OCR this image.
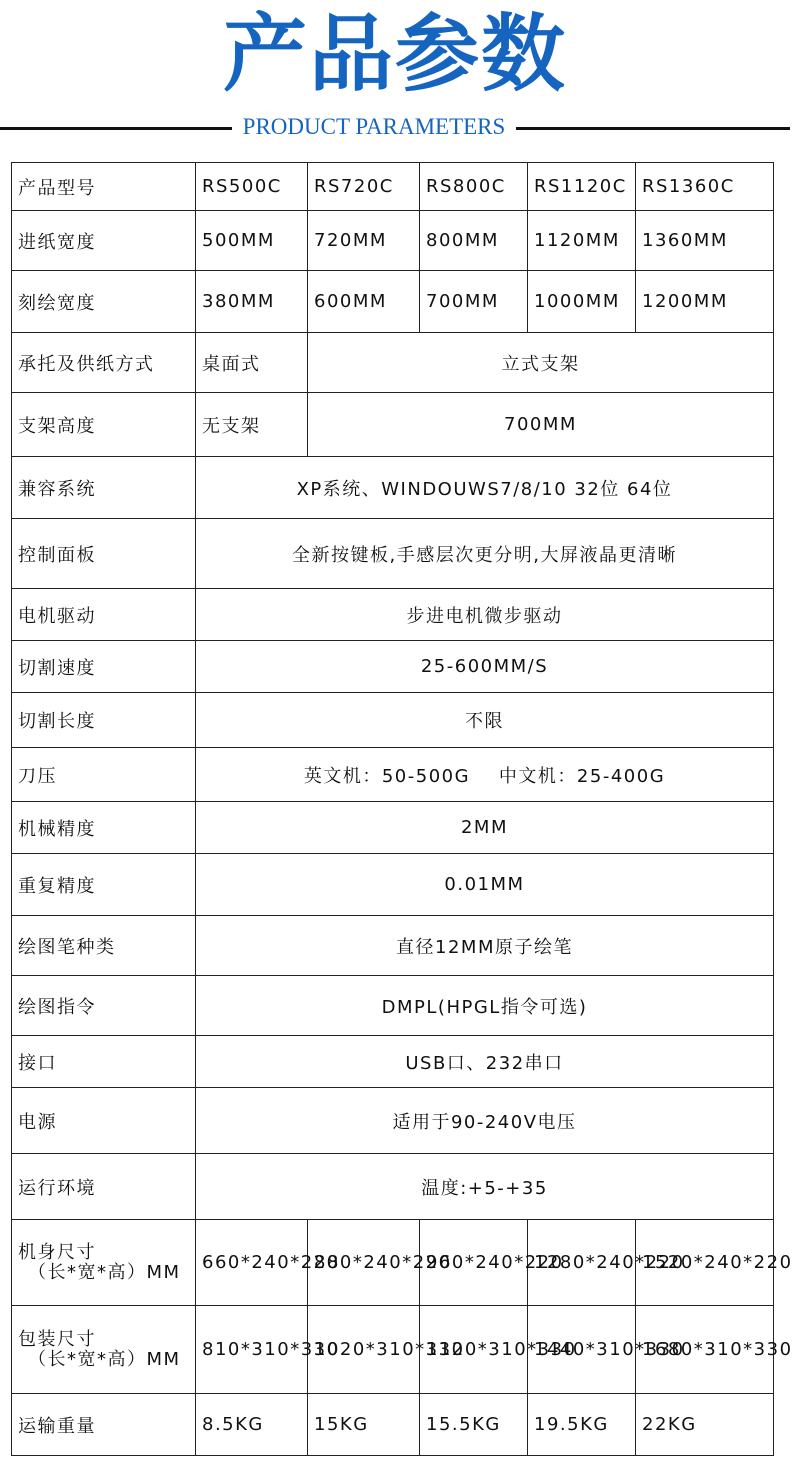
产品参数
PRODUCT PARAMETERS
产品型号	RS500C	RS720C	RS800C	RS1120C	RS1360C
进纸宽度	500MM	720MM	800MM	1120MM	1360MM
刻绘宽度	380MM	600MM	700MM	1000MM	1200MM
承托及供纸方式	桌面式	立式支架			
支架高度	无支架	700MM			
兼容系统	XP系统、WINDOUWS7/8/10 32位 64位				
控制面板	全新按键板,手感层次更分明,大屏液晶更清晰				
电机驱动	步进电机微步驱动				
切割速度	25-600MM/S				
切割长度	不限				
刀压	英文机：50-500G    中文机：25-400G				
机械精度	2MM				
重复精度	0.01MM				
绘图笔种类	直径12MM原子绘笔				
绘图指令	DMPL(HPGL指令可选)				
接口	USB口、232串口				
电源	适用于90-240V电压				
运行环境	温度:+5-+35				
机身尺寸
（长*宽*高）MM	660*240*220	880*240*220	960*240*220	1280*240*220	1520*240*220
包装尺寸
（长*宽*高）MM	810*310*330	1020*310*330	1120*310*330	1440*310*330	1680*310*330
运输重量	8.5KG	15KG	15.5KG	19.5KG	22KG
